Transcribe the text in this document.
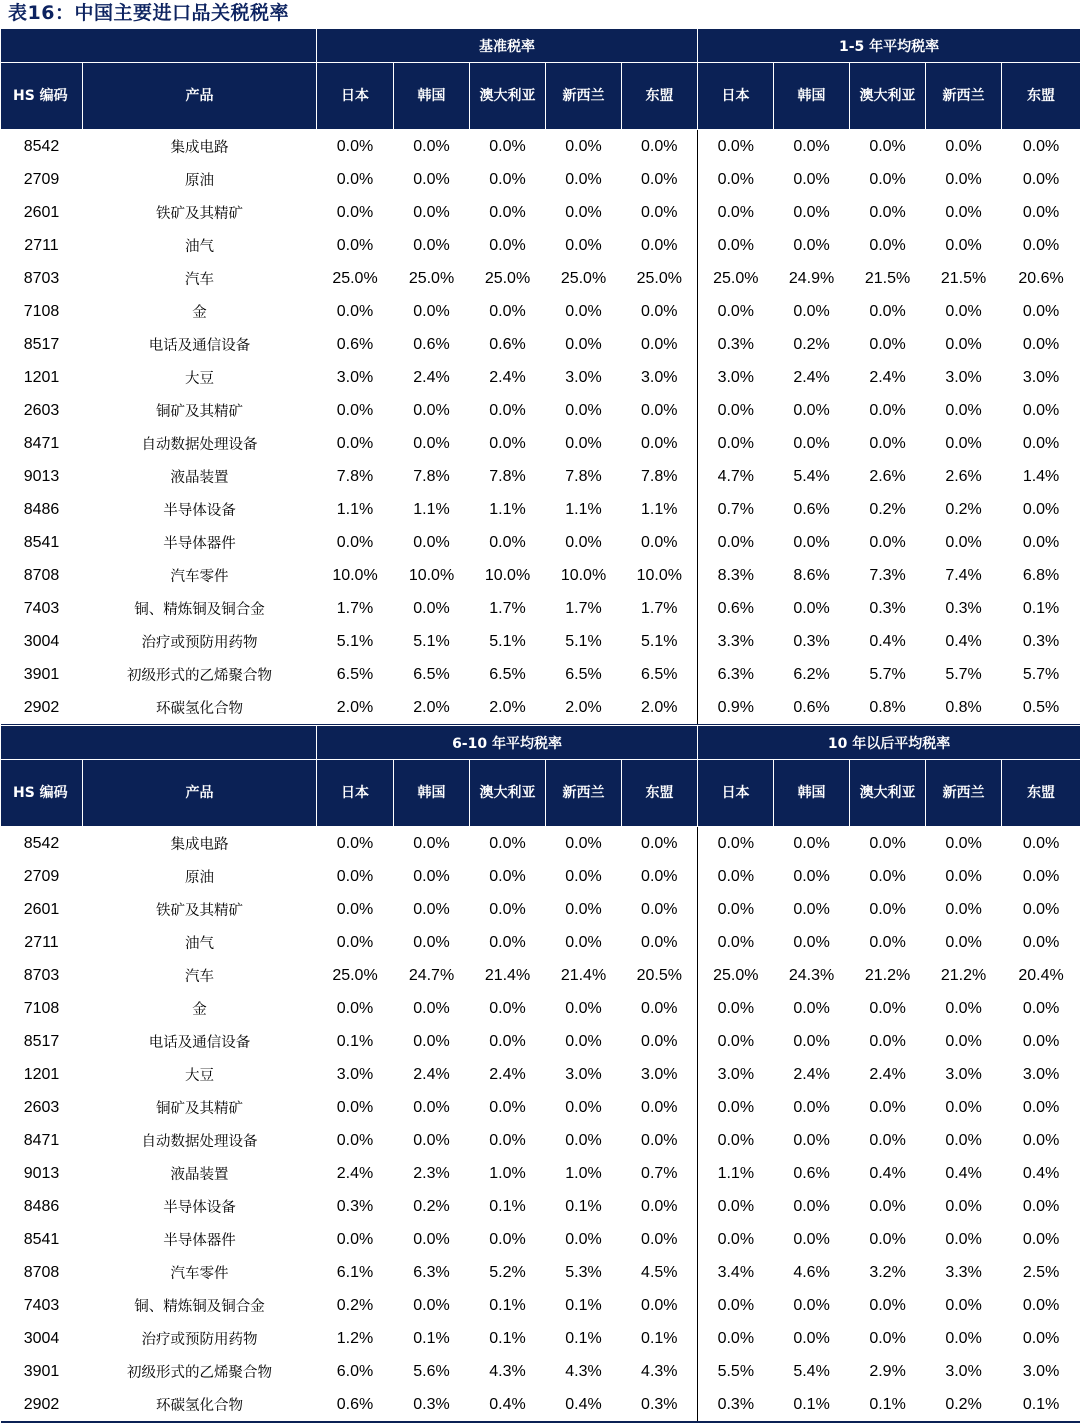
表16：中国主要进口品关税税率
		基准税率					1-5 年平均税率				
HS 编码	产品	日本	韩国	澳大利亚	新西兰	东盟	日本	韩国	澳大利亚	新西兰	东盟
8542	集成电路	0.0%	0.0%	0.0%	0.0%	0.0%	0.0%	0.0%	0.0%	0.0%	0.0%
2709	原油	0.0%	0.0%	0.0%	0.0%	0.0%	0.0%	0.0%	0.0%	0.0%	0.0%
2601	铁矿及其精矿	0.0%	0.0%	0.0%	0.0%	0.0%	0.0%	0.0%	0.0%	0.0%	0.0%
2711	油气	0.0%	0.0%	0.0%	0.0%	0.0%	0.0%	0.0%	0.0%	0.0%	0.0%
8703	汽车	25.0%	25.0%	25.0%	25.0%	25.0%	25.0%	24.9%	21.5%	21.5%	20.6%
7108	金	0.0%	0.0%	0.0%	0.0%	0.0%	0.0%	0.0%	0.0%	0.0%	0.0%
8517	电话及通信设备	0.6%	0.6%	0.6%	0.0%	0.0%	0.3%	0.2%	0.0%	0.0%	0.0%
1201	大豆	3.0%	2.4%	2.4%	3.0%	3.0%	3.0%	2.4%	2.4%	3.0%	3.0%
2603	铜矿及其精矿	0.0%	0.0%	0.0%	0.0%	0.0%	0.0%	0.0%	0.0%	0.0%	0.0%
8471	自动数据处理设备	0.0%	0.0%	0.0%	0.0%	0.0%	0.0%	0.0%	0.0%	0.0%	0.0%
9013	液晶装置	7.8%	7.8%	7.8%	7.8%	7.8%	4.7%	5.4%	2.6%	2.6%	1.4%
8486	半导体设备	1.1%	1.1%	1.1%	1.1%	1.1%	0.7%	0.6%	0.2%	0.2%	0.0%
8541	半导体器件	0.0%	0.0%	0.0%	0.0%	0.0%	0.0%	0.0%	0.0%	0.0%	0.0%
8708	汽车零件	10.0%	10.0%	10.0%	10.0%	10.0%	8.3%	8.6%	7.3%	7.4%	6.8%
7403	铜、精炼铜及铜合金	1.7%	0.0%	1.7%	1.7%	1.7%	0.6%	0.0%	0.3%	0.3%	0.1%
3004	治疗或预防用药物	5.1%	5.1%	5.1%	5.1%	5.1%	3.3%	0.3%	0.4%	0.4%	0.3%
3901	初级形式的乙烯聚合物	6.5%	6.5%	6.5%	6.5%	6.5%	6.3%	6.2%	5.7%	5.7%	5.7%
2902	环碳氢化合物	2.0%	2.0%	2.0%	2.0%	2.0%	0.9%	0.6%	0.8%	0.8%	0.5%
		6-10 年平均税率					10 年以后平均税率				
HS 编码	产品	日本	韩国	澳大利亚	新西兰	东盟	日本	韩国	澳大利亚	新西兰	东盟
8542	集成电路	0.0%	0.0%	0.0%	0.0%	0.0%	0.0%	0.0%	0.0%	0.0%	0.0%
2709	原油	0.0%	0.0%	0.0%	0.0%	0.0%	0.0%	0.0%	0.0%	0.0%	0.0%
2601	铁矿及其精矿	0.0%	0.0%	0.0%	0.0%	0.0%	0.0%	0.0%	0.0%	0.0%	0.0%
2711	油气	0.0%	0.0%	0.0%	0.0%	0.0%	0.0%	0.0%	0.0%	0.0%	0.0%
8703	汽车	25.0%	24.7%	21.4%	21.4%	20.5%	25.0%	24.3%	21.2%	21.2%	20.4%
7108	金	0.0%	0.0%	0.0%	0.0%	0.0%	0.0%	0.0%	0.0%	0.0%	0.0%
8517	电话及通信设备	0.1%	0.0%	0.0%	0.0%	0.0%	0.0%	0.0%	0.0%	0.0%	0.0%
1201	大豆	3.0%	2.4%	2.4%	3.0%	3.0%	3.0%	2.4%	2.4%	3.0%	3.0%
2603	铜矿及其精矿	0.0%	0.0%	0.0%	0.0%	0.0%	0.0%	0.0%	0.0%	0.0%	0.0%
8471	自动数据处理设备	0.0%	0.0%	0.0%	0.0%	0.0%	0.0%	0.0%	0.0%	0.0%	0.0%
9013	液晶装置	2.4%	2.3%	1.0%	1.0%	0.7%	1.1%	0.6%	0.4%	0.4%	0.4%
8486	半导体设备	0.3%	0.2%	0.1%	0.1%	0.0%	0.0%	0.0%	0.0%	0.0%	0.0%
8541	半导体器件	0.0%	0.0%	0.0%	0.0%	0.0%	0.0%	0.0%	0.0%	0.0%	0.0%
8708	汽车零件	6.1%	6.3%	5.2%	5.3%	4.5%	3.4%	4.6%	3.2%	3.3%	2.5%
7403	铜、精炼铜及铜合金	0.2%	0.0%	0.1%	0.1%	0.0%	0.0%	0.0%	0.0%	0.0%	0.0%
3004	治疗或预防用药物	1.2%	0.1%	0.1%	0.1%	0.1%	0.0%	0.0%	0.0%	0.0%	0.0%
3901	初级形式的乙烯聚合物	6.0%	5.6%	4.3%	4.3%	4.3%	5.5%	5.4%	2.9%	3.0%	3.0%
2902	环碳氢化合物	0.6%	0.3%	0.4%	0.4%	0.3%	0.3%	0.1%	0.1%	0.2%	0.1%
